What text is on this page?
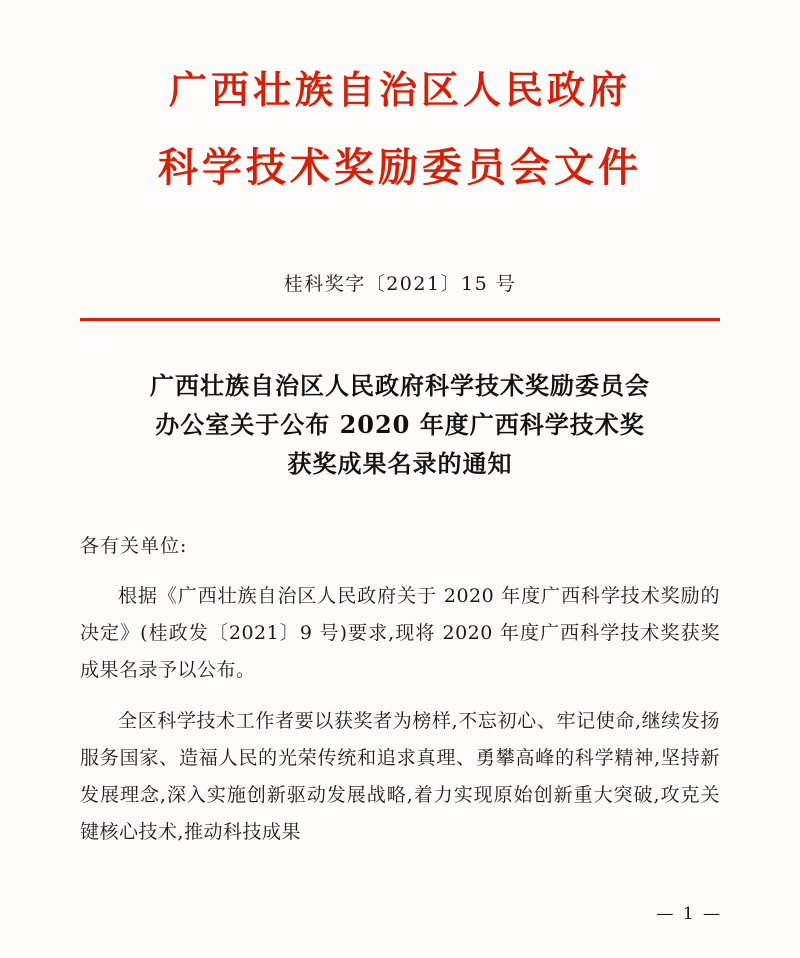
广西壮族自治区人民政府
科学技术奖励委员会文件
桂科奖字〔2021〕15 号
广西壮族自治区人民政府科学技术奖励委员会
办公室关于公布 2020 年度广西科学技术奖
获奖成果名录的通知
各有关单位:
根据《广西壮族自治区人民政府关于 2020 年度广西科学技术奖励的决定》(桂政发〔2021〕9 号)要求,现将 2020 年度广西科学技术奖获奖成果名录予以公布。
全区科学技术工作者要以获奖者为榜样,不忘初心、牢记使命,继续发扬服务国家、造福人民的光荣传统和追求真理、勇攀高峰的科学精神,坚持新发展理念,深入实施创新驱动发展战略,着力实现原始创新重大突破,攻克关键核心技术,推动科技成果
— 1 —
